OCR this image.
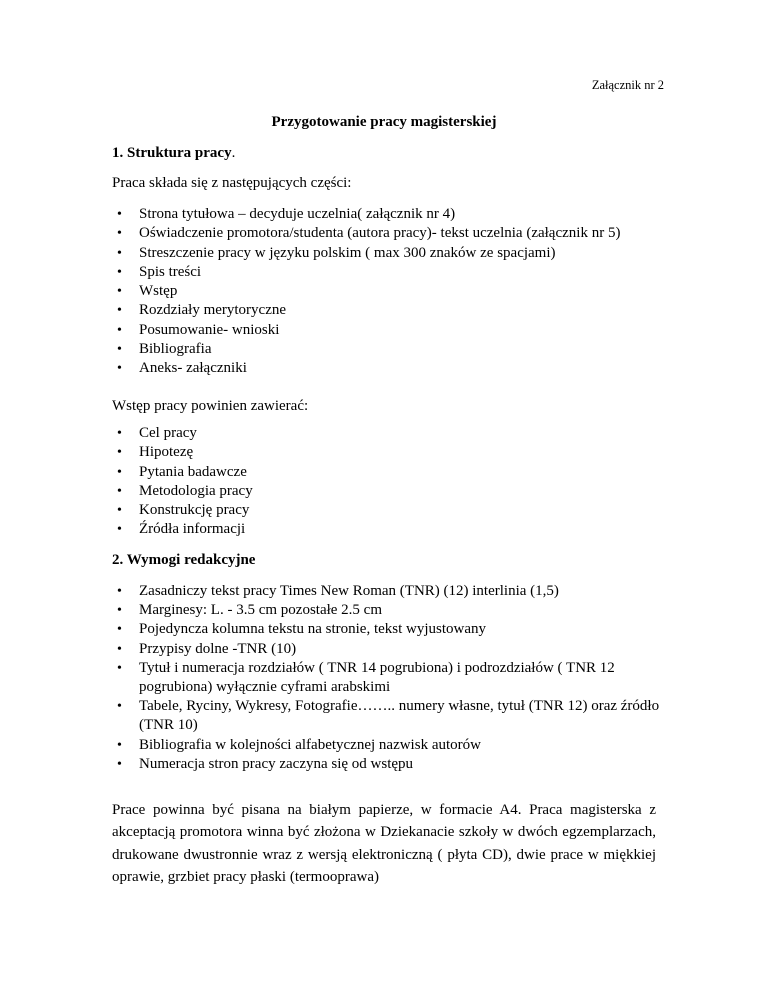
Załącznik nr 2
Przygotowanie pracy magisterskiej
1. Struktura pracy.
Praca składa się z następujących części:
• Strona tytułowa – decyduje uczelnia( załącznik nr 4)
• Oświadczenie promotora/studenta (autora pracy)- tekst uczelnia (załącznik nr 5)
• Streszczenie pracy w języku polskim ( max 300 znaków ze spacjami)
• Spis treści
• Wstęp
• Rozdziały merytoryczne
• Posumowanie- wnioski
• Bibliografia
• Aneks- załączniki
Wstęp pracy powinien zawierać:
• Cel pracy
• Hipotezę
• Pytania badawcze
• Metodologia pracy
• Konstrukcję pracy
• Źródła informacji
2. Wymogi redakcyjne
• Zasadniczy tekst pracy Times New Roman (TNR) (12) interlinia (1,5)
• Marginesy: L. - 3.5 cm pozostałe 2.5 cm
• Pojedyncza kolumna tekstu na stronie, tekst wyjustowany
• Przypisy dolne -TNR (10)
• Tytuł i numeracja rozdziałów ( TNR 14 pogrubiona) i podrozdziałów ( TNR 12 pogrubiona) wyłącznie cyframi arabskimi
• Tabele, Ryciny, Wykresy, Fotografie…….. numery własne, tytuł (TNR 12) oraz źródło (TNR 10)
• Bibliografia w kolejności alfabetycznej nazwisk autorów
• Numeracja stron pracy zaczyna się od wstępu
Prace powinna być pisana na białym papierze, w formacie A4. Praca magisterska z akceptacją promotora winna być złożona w Dziekanacie szkoły w dwóch egzemplarzach, drukowane dwustronnie wraz z wersją elektroniczną ( płyta CD), dwie prace w miękkiej oprawie, grzbiet pracy płaski (termooprawa)
